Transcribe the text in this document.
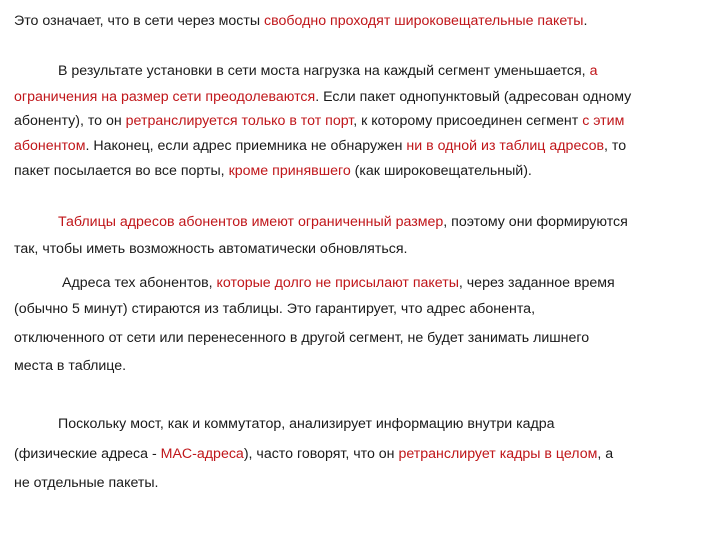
Это означает, что в сети через мосты свободно проходят широковещательные пакеты.
В результате установки в сети моста нагрузка на каждый сегмент уменьшается, а
ограничения на размер сети преодолеваются. Если пакет однопунктовый (адресован одному
абоненту), то он ретранслируется только в тот порт, к которому присоединен сегмент с этим
абонентом. Наконец, если адрес приемника не обнаружен ни в одной из таблиц адресов, то
пакет посылается во все порты, кроме принявшего (как широковещательный).
Таблицы адресов абонентов имеют ограниченный размер, поэтому они формируются
так, чтобы иметь возможность автоматически обновляться.
Адреса тех абонентов, которые долго не присылают пакеты, через заданное время
(обычно 5 минут) стираются из таблицы. Это гарантирует, что адрес абонента,
отключенного от сети или перенесенного в другой сегмент, не будет занимать лишнего
места в таблице.
Поскольку мост, как и коммутатор, анализирует информацию внутри кадра
(физические адреса - MAC-адреса), часто говорят, что он ретранслирует кадры в целом, а
не отдельные пакеты.
